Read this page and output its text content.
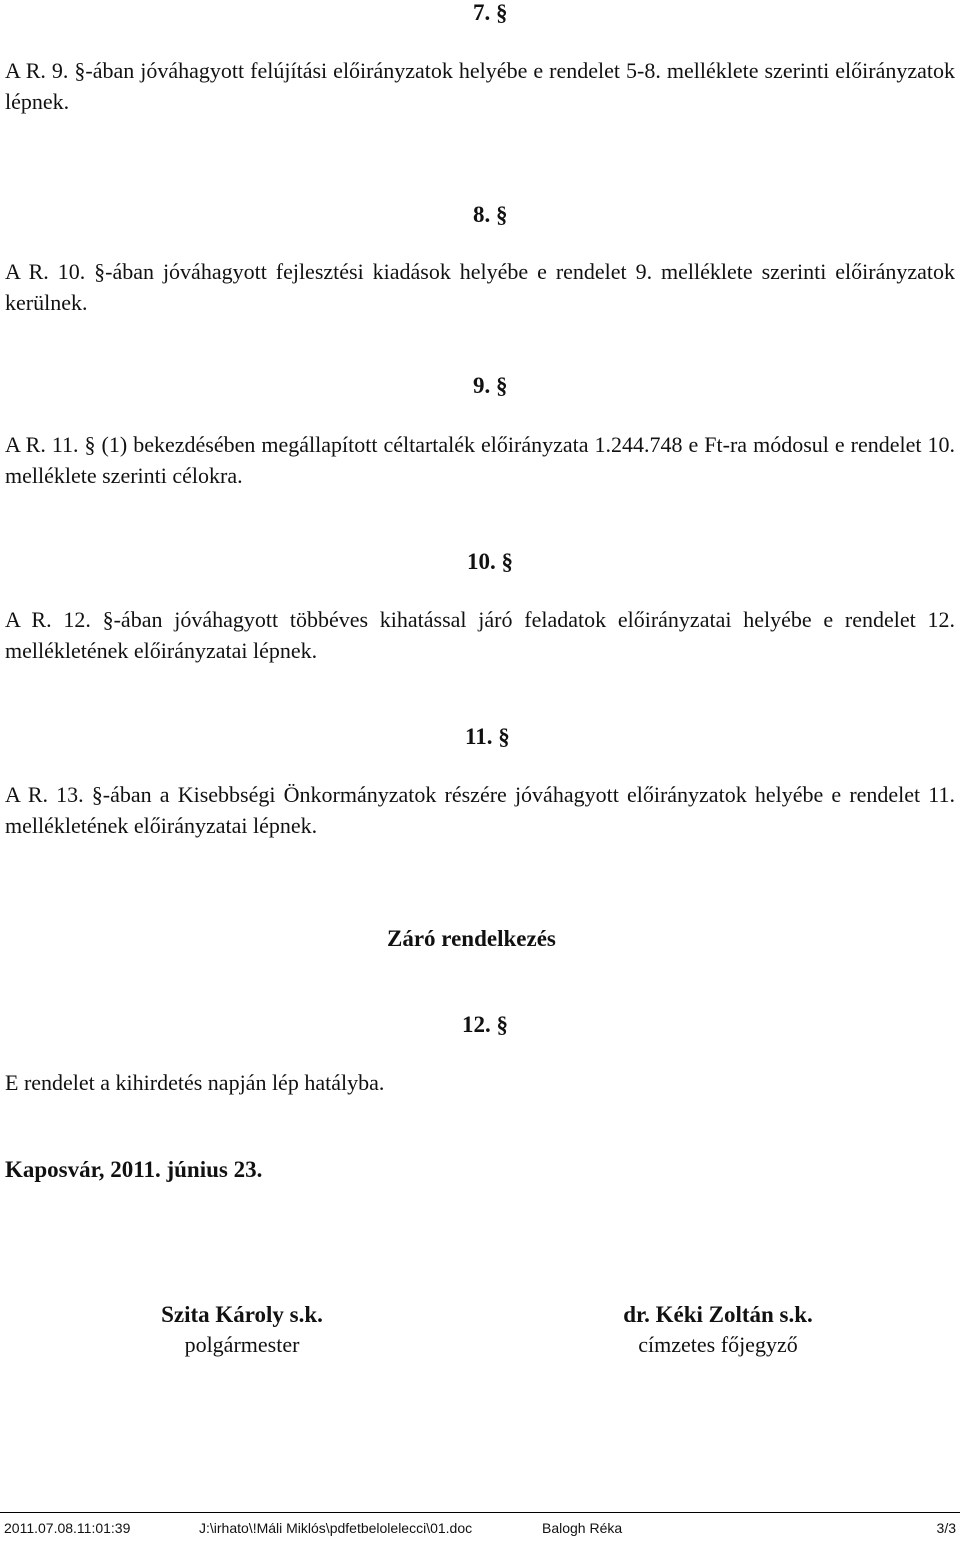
7. §
A R. 9. §-ában jóváhagyott felújítási előirányzatok helyébe e rendelet 5-8. melléklete szerinti előirányzatok lépnek.
8. §
A R. 10. §-ában jóváhagyott fejlesztési kiadások helyébe e rendelet 9. melléklete szerinti előirányzatok kerülnek.
9. §
A R. 11. § (1) bekezdésében megállapított céltartalék előirányzata 1.244.748 e Ft-ra módosul e rendelet 10. melléklete szerinti célokra.
10. §
A R. 12. §-ában jóváhagyott többéves kihatással járó feladatok előirányzatai helyébe e rendelet 12. mellékletének előirányzatai lépnek.
11. §
A R. 13. §-ában a Kisebbségi Önkormányzatok részére jóváhagyott előirányzatok helyébe e rendelet 11. mellékletének előirányzatai lépnek.
Záró rendelkezés
12. §
E rendelet a kihirdetés napján lép hatályba.
Kaposvár, 2011. június 23.
Szita Károly s.k.
polgármester
dr. Kéki Zoltán s.k.
címzetes főjegyző
2011.07.08.11:01:39	J:\irhato\!Máli Miklós\pdfetbelolelecci\01.doc	Balogh Réka	3/3
